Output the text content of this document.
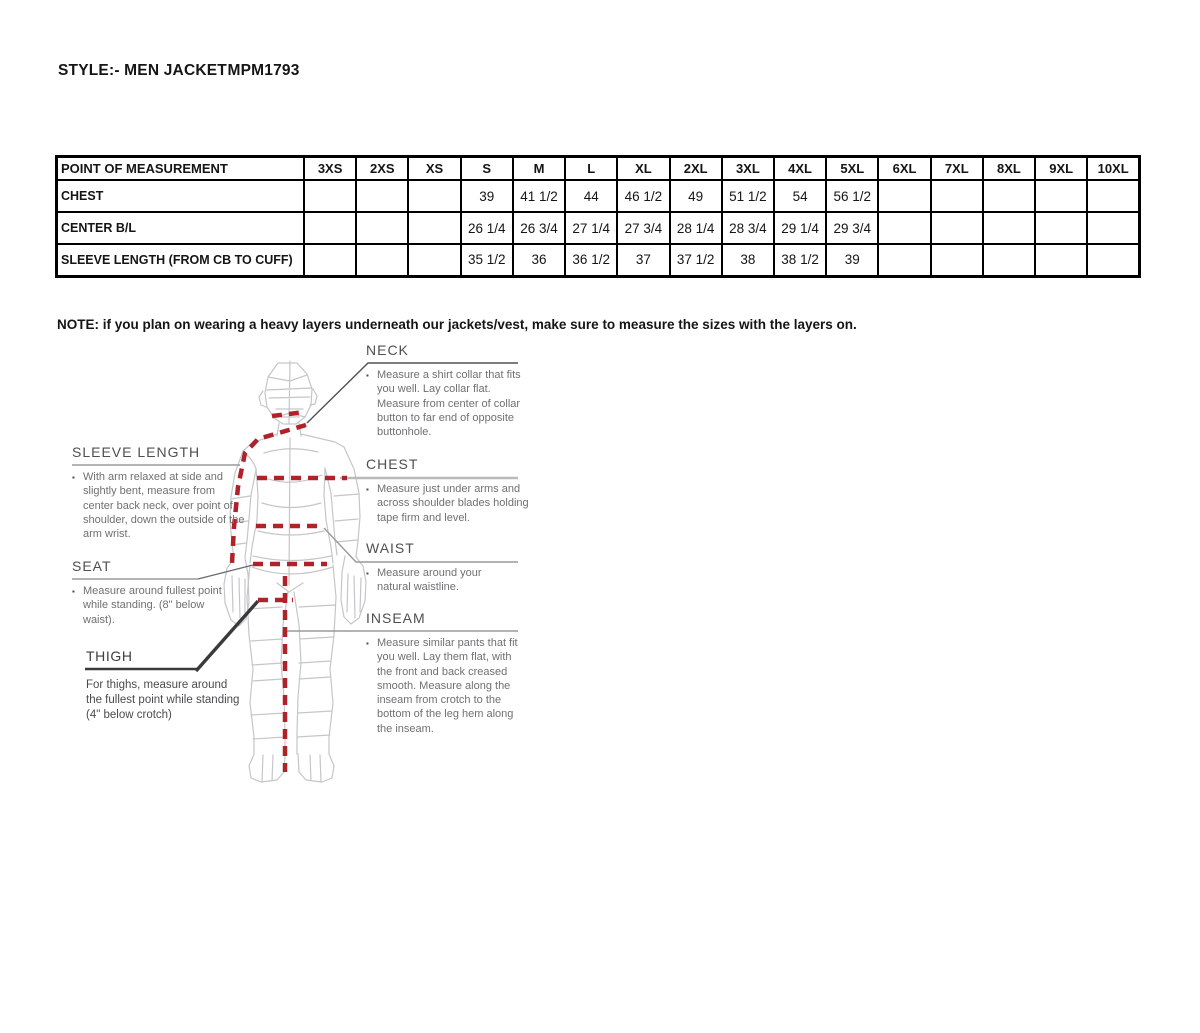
STYLE:- MEN JACKET MPM1793
POINT OF MEASUREMENT	3XS	2XS	XS	S	M	L	XL	2XL	3XL	4XL	5XL	6XL	7XL	8XL	9XL	10XL
CHEST				39	41 1/2	44	46 1/2	49	51 1/2	54	56 1/2					
CENTER B/L				26 1/4	26 3/4	27 1/4	27 3/4	28 1/4	28 3/4	29 1/4	29 3/4					
SLEEVE LENGTH (FROM CB TO CUFF)				35 1/2	36	36 1/2	37	37 1/2	38	38 1/2	39					

NOTE: if you plan on wearing a heavy layers underneath our jackets/vest, make sure to measure the sizes with the layers on.

NECK
▪ Measure a shirt collar that fits you well. Lay collar flat. Measure from center of collar button to far end of opposite buttonhole.
CHEST
▪ Measure just under arms and across shoulder blades holding tape firm and level.
WAIST
▪ Measure around your natural waistline.
INSEAM
▪ Measure similar pants that fit you well. Lay them flat, with the front and back creased smooth. Measure along the inseam from crotch to the bottom of the leg hem along the inseam.
SLEEVE LENGTH
▪ With arm relaxed at side and slightly bent, measure from center back neck, over point of shoulder, down the outside of the arm wrist.
SEAT
▪ Measure around fullest point while standing. (8" below waist).
THIGH
For thighs, measure around the fullest point while standing (4" below crotch)
